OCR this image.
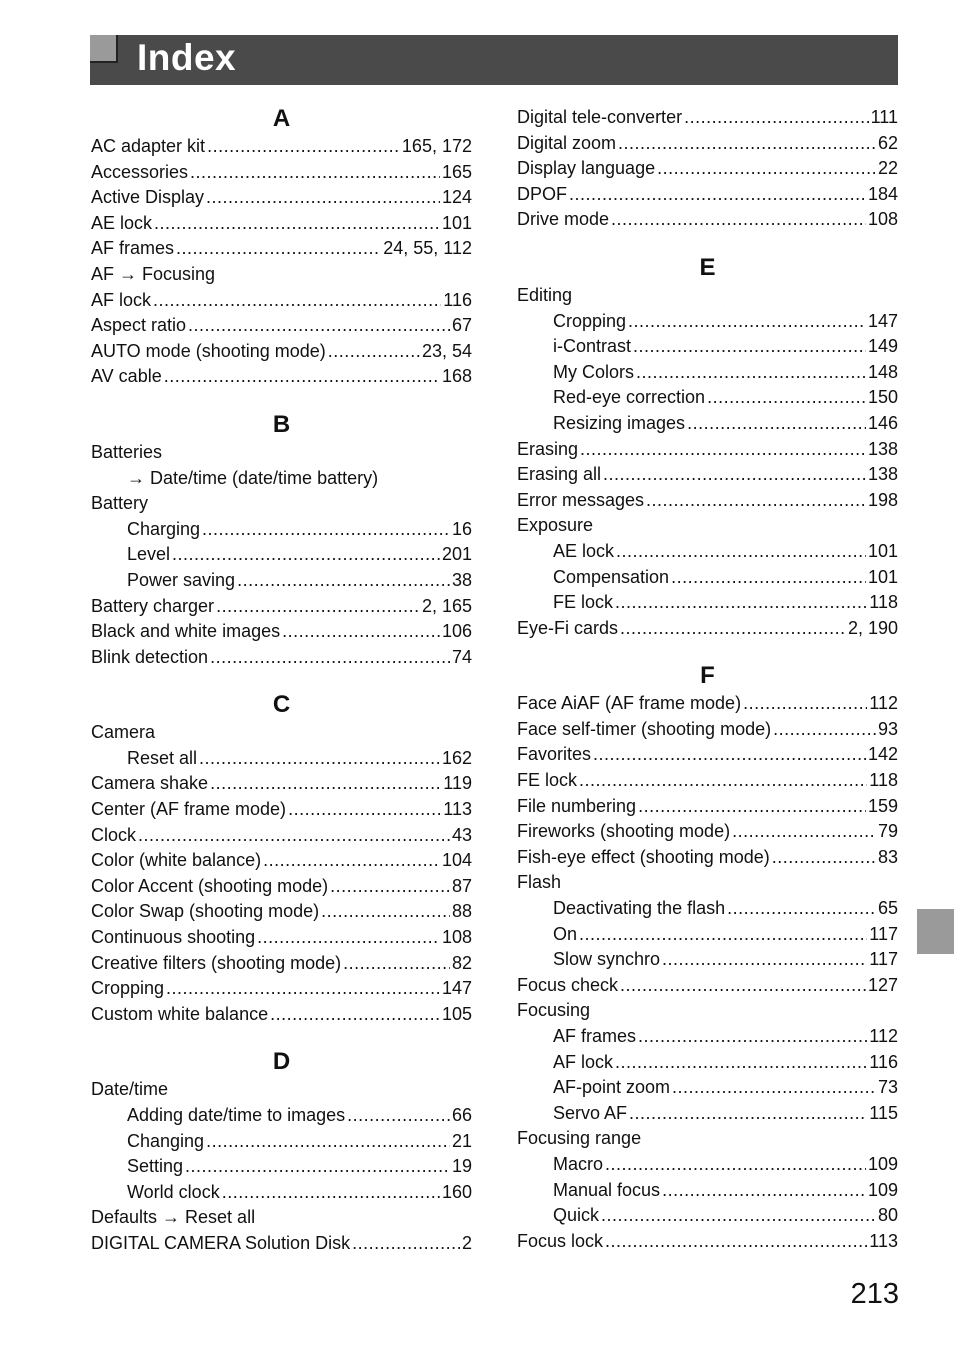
Index
A
AC adapter kit .....	165, 172
Accessories .....	165
Active Display .....	124
AE lock .....	101
AF frames .....	24, 55, 112
AF → Focusing
AF lock .....	116
Aspect ratio .....	67
AUTO mode (shooting mode) .....	23, 54
AV cable .....	168
B
Batteries
→ Date/time (date/time battery)
Battery
Charging .....	16
Level .....	201
Power saving .....	38
Battery charger .....	2, 165
Black and white images .....	106
Blink detection .....	74
C
Camera
Reset all .....	162
Camera shake .....	119
Center (AF frame mode) .....	113
Clock .....	43
Color (white balance) .....	104
Color Accent (shooting mode) .....	87
Color Swap (shooting mode) .....	88
Continuous shooting .....	108
Creative filters (shooting mode) .....	82
Cropping .....	147
Custom white balance .....	105
D
Date/time
Adding date/time to images .....	66
Changing .....	21
Setting .....	19
World clock .....	160
Defaults → Reset all
DIGITAL CAMERA Solution Disk .....	2
Digital tele-converter .....	111
Digital zoom .....	62
Display language .....	22
DPOF .....	184
Drive mode .....	108
E
Editing
Cropping .....	147
i-Contrast .....	149
My Colors .....	148
Red-eye correction .....	150
Resizing images .....	146
Erasing .....	138
Erasing all .....	138
Error messages .....	198
Exposure
AE lock .....	101
Compensation .....	101
FE lock .....	118
Eye-Fi cards .....	2, 190
F
Face AiAF (AF frame mode) .....	112
Face self-timer (shooting mode) .....	93
Favorites .....	142
FE lock .....	118
File numbering .....	159
Fireworks (shooting mode) .....	79
Fish-eye effect (shooting mode) .....	83
Flash
Deactivating the flash .....	65
On .....	117
Slow synchro .....	117
Focus check .....	127
Focusing
AF frames .....	112
AF lock .....	116
AF-point zoom .....	73
Servo AF .....	115
Focusing range
Macro .....	109
Manual focus .....	109
Quick .....	80
Focus lock .....	113
213
